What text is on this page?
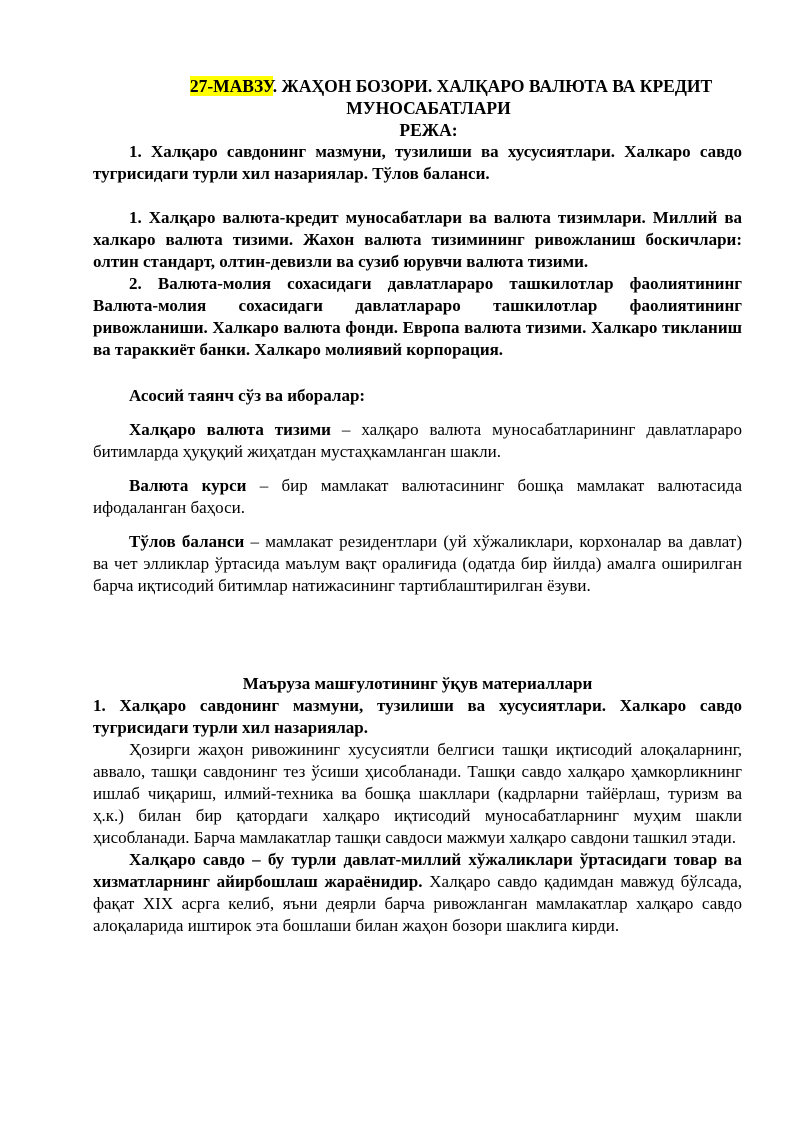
27-МАВЗУ. ЖАҲОН БОЗОРИ. ХАЛҚАРО ВАЛЮТА ВА КРЕДИТ
МУНОСАБАТЛАРИ
РЕЖА:

1. Халқаро савдонинг мазмуни, тузилиши ва хусусиятлари. Халкаро савдо тугрисидаги турли хил назариялар. Тўлов баланси.

1. Халқаро валюта-кредит муносабатлари ва валюта тизимлари. Миллий ва халкаро валюта тизими. Жахон валюта тизимининг ривожланиш боскичлари: олтин стандарт, олтин-девизли ва сузиб юрувчи валюта тизими.

2. Валюта-молия сохасидаги давлатлараро ташкилотлар фаолиятининг Валюта-молия сохасидаги давлатлараро ташкилотлар фаолиятининг ривожланиши. Халкаро валюта фонди. Европа валюта тизими. Халкаро тикланиш ва тараккиёт банки. Халкаро молиявий корпорация.

Асосий таянч сўз ва иборалар:

Халқаро валюта тизими – халқаро валюта муносабатларининг давлатлараро битимларда ҳуқуқий жиҳатдан мустаҳкамланган шакли.

Валюта курси – бир мамлакат валютасининг бошқа мамлакат валютасида ифодаланган баҳоси.

Тўлов баланси – мамлакат резидентлари (уй хўжаликлари, корхоналар ва давлат) ва чет элликлар ўртасида маълум вақт оралиғида (одатда бир йилда) амалга оширилган барча иқтисодий битимлар натижасининг тартиблаштирилган ёзуви.

Маъруза машғулотининг ўқув материаллари

1. Халқаро савдонинг мазмуни, тузилиши ва хусусиятлари. Халкаро савдо тугрисидаги турли хил назариялар.

Ҳозирги жаҳон ривожининг хусусиятли белгиси ташқи иқтисодий алоқаларнинг, аввало, ташқи савдонинг тез ўсиши ҳисобланади. Ташқи савдо халқаро ҳамкорликнинг ишлаб чиқариш, илмий-техника ва бошқа шакллари (кадрларни тайёрлаш, туризм ва ҳ.к.) билан бир қатордаги халқаро иқтисодий муносабатларнинг муҳим шакли ҳисобланади. Барча мамлакатлар ташқи савдоси мажмуи халқаро савдони ташкил этади.

Халқаро савдо – бу турли давлат-миллий хўжаликлари ўртасидаги товар ва хизматларнинг айирбошлаш жараёнидир. Халқаро савдо қадимдан мавжуд бўлсада, фақат XIX асрга келиб, яъни деярли барча ривожланган мамлакатлар халқаро савдо алоқаларида иштирок эта бошлаши билан жаҳон бозори шаклига кирди.
